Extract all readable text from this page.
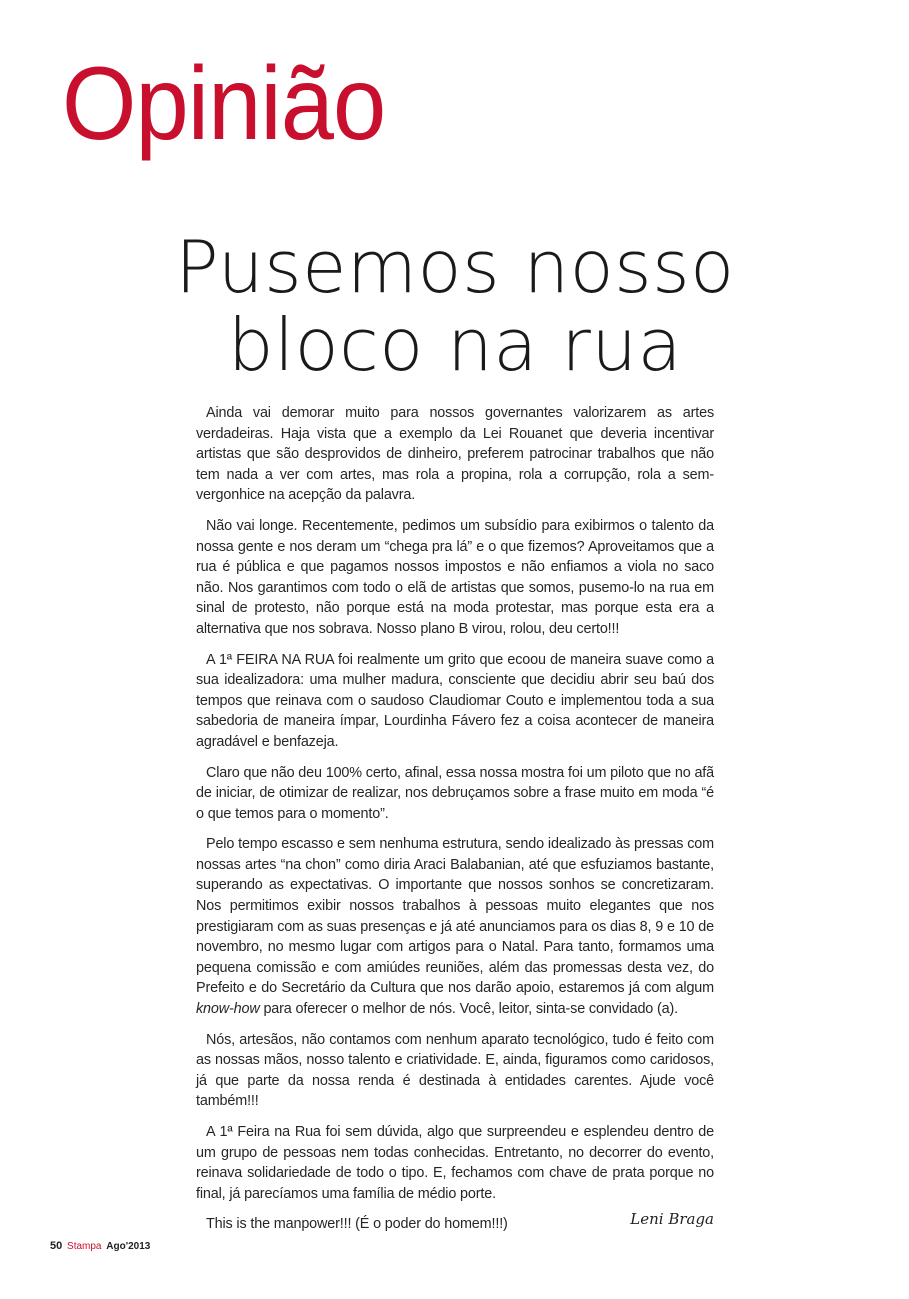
Opinião
Pusemos nosso
bloco na rua

Ainda vai demorar muito para nossos governantes valorizarem as artes verdadeiras. Haja vista que a exemplo da Lei Rouanet que deveria incentivar artistas que são desprovidos de dinheiro, preferem patrocinar trabalhos que não tem nada a ver com artes, mas rola a propina, rola a corrupção, rola a sem-vergonhice na acepção da palavra.

Não vai longe. Recentemente, pedimos um subsídio para exibirmos o talento da nossa gente e nos deram um “chega pra lá” e o que fizemos? Aproveitamos que a rua é pública e que pagamos nossos impostos e não enfiamos a viola no saco não. Nos garantimos com todo o elã de artistas que somos, pusemo-lo na rua em sinal de protesto, não porque está na moda protestar, mas porque esta era a alternativa que nos sobrava. Nosso plano B virou, rolou, deu certo!!!

A 1ª FEIRA NA RUA foi realmente um grito que ecoou de maneira suave como a sua idealizadora: uma mulher madura, consciente que decidiu abrir seu baú dos tempos que reinava com o saudoso Claudiomar Couto e implementou toda a sua sabedoria de maneira ímpar, Lourdinha Fávero fez a coisa acontecer de maneira agradável e benfazeja.

Claro que não deu 100% certo, afinal, essa nossa mostra foi um piloto que no afã de iniciar, de otimizar de realizar, nos debruçamos sobre a frase muito em moda “é o que temos para o momento”.

Pelo tempo escasso e sem nenhuma estrutura, sendo idealizado às pressas com nossas artes “na chon” como diria Araci Balabanian, até que esfuziamos bastante, superando as expectativas. O importante que nossos sonhos se concretizaram. Nos permitimos exibir nossos trabalhos à pessoas muito elegantes que nos prestigiaram com as suas presenças e já até anunciamos para os dias 8, 9 e 10 de novembro, no mesmo lugar com artigos para o Natal. Para tanto, formamos uma pequena comissão e com amiúdes reuniões, além das promessas desta vez, do Prefeito e do Secretário da Cultura que nos darão apoio, estaremos já com algum know-how para oferecer o melhor de nós. Você, leitor, sinta-se convidado (a).

Nós, artesãos, não contamos com nenhum aparato tecnológico, tudo é feito com as nossas mãos, nosso talento e criatividade. E, ainda, figuramos como caridosos, já que parte da nossa renda é destinada à entidades carentes. Ajude você também!!!

A 1ª Feira na Rua foi sem dúvida, algo que surpreendeu e esplendeu dentro de um grupo de pessoas nem todas conhecidas. Entretanto, no decorrer do evento, reinava solidariedade de todo o tipo. E, fechamos com chave de prata porque no final, já parecíamos uma família de médio porte.

This is the manpower!!! (É o poder do homem!!!)	Leni Braga

50 Stampa Ago'2013
